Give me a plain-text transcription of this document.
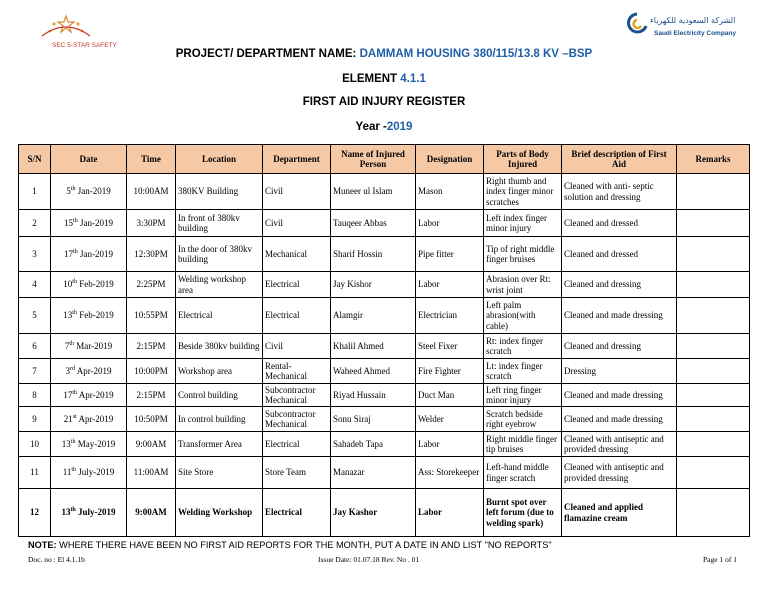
SEC 5-STAR SAFETY
الشركة السعودية للكهرباء
Saudi Electricity Company
PROJECT/ DEPARTMENT NAME: DAMMAM HOUSING 380/115/13.8 KV –BSP
ELEMENT 4.1.1
FIRST AID INJURY REGISTER
Year -2019
S/N	Date	Time	Location	Department	Name of Injured Person	Designation	Parts of Body Injured	Brief description of First Aid	Remarks
1	5th Jan-2019	10:00AM	380KV Building	Civil	Muneer ul Islam	Mason	Right thumb and index finger minor scratches	Cleaned with anti- septic solution and dressing	
2	15th Jan-2019	3:30PM	In front of 380kv building	Civil	Tauqeer Abbas	Labor	Left index finger minor injury	Cleaned and dressed	
3	17th Jan-2019	12:30PM	In the door of 380kv building	Mechanical	Sharif Hossin	Pipe fitter	Tip of right middle finger bruises	Cleaned and dressed	
4	10th Feb-2019	2:25PM	Welding workshop area	Electrical	Jay Kishor	Labor	Abrasion over Rt: wrist joint	Cleaned and dressing	
5	13th Feb-2019	10:55PM	Electrical	Electrical	Alamgir	Electrician	Left palm abrasion(with cable)	Cleaned and made dressing	
6	7th Mar-2019	2:15PM	Beside 380kv building	Civil	Khalil Ahmed	Steel Fixer	Rt: index finger scratch	Cleaned and dressing	
7	3rd Apr-2019	10:00PM	Workshop area	Rental-Mechanical	Waheed Ahmed	Fire Fighter	Lt: index finger scratch	Dressing	
8	17th Apr-2019	2:15PM	Control building	Subcontractor Mechanical	Riyad Hussain	Duct Man	Left ring finger minor injury	Cleaned and made dressing	
9	21st Apr-2019	10:50PM	In control building	Subcontractor Mechanical	Sonu Siraj	Welder	Scratch bedside right eyebrow	Cleaned and made dressing	
10	13th May-2019	9:00AM	Transformer Area	Electrical	Sahadeb Tapa	Labor	Right middle finger tip bruises	Cleaned with antiseptic and provided dressing	
11	11th July-2019	11:00AM	Site Store	Store Team	Manazar	Ass: Storekeeper	Left-hand middle finger scratch	Cleaned with antiseptic and provided dressing	
12	13th July-2019	9:00AM	Welding Workshop	Electrical	Jay Kashor	Labor	Burnt spot over left forum (due to welding spark)	Cleaned and applied flamazine cream	
NOTE: WHERE THERE HAVE BEEN NO FIRST AID REPORTS FOR THE MONTH, PUT A DATE IN AND LIST "NO REPORTS"
Doc. no : El 4.1.1b	Issue Date: 01.07.18 Rev. No . 01	Page 1 of 1
